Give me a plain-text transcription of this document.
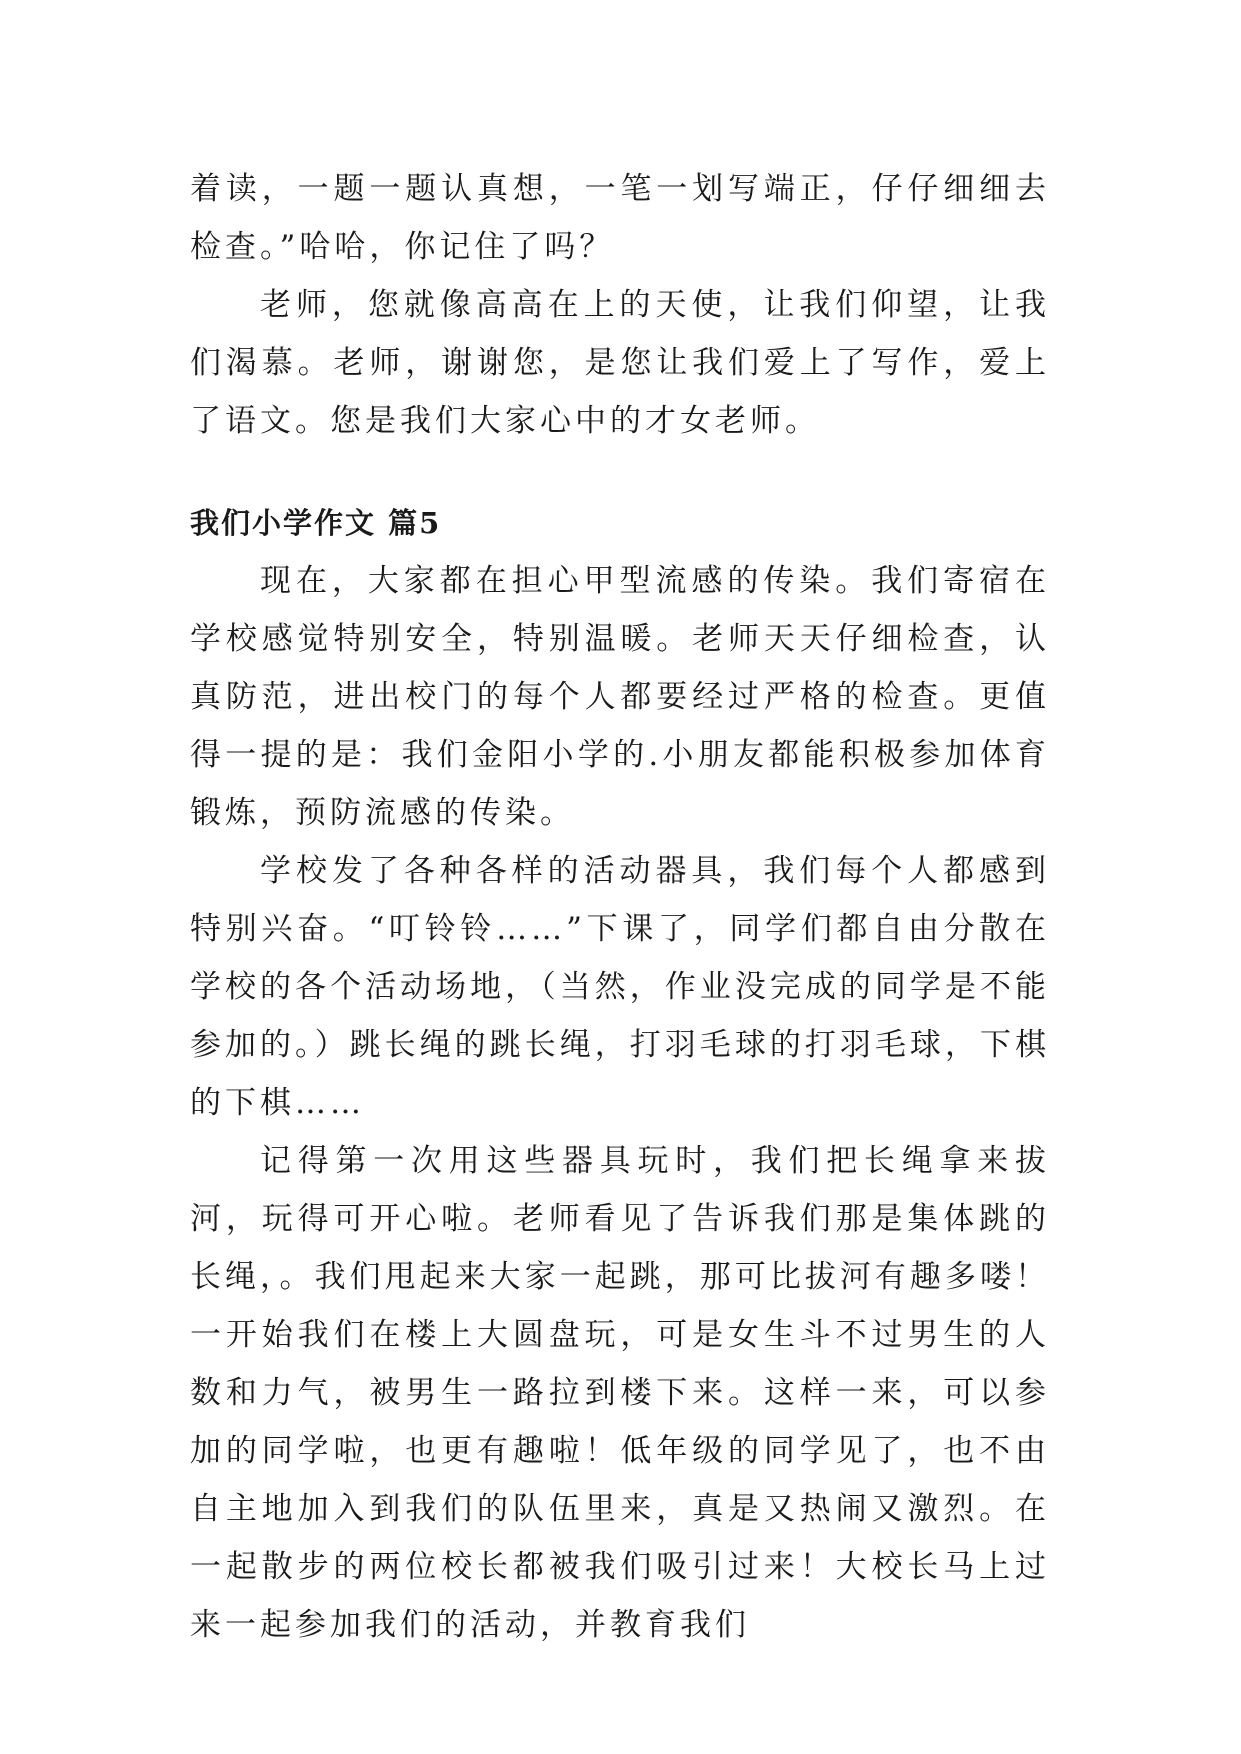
着读，一题一题认真想，一笔一划写端正，仔仔细细去检查。”哈哈，你记住了吗？

老师，您就像高高在上的天使，让我们仰望，让我们渴慕。老师，谢谢您，是您让我们爱上了写作，爱上了语文。您是我们大家心中的才女老师。

我们小学作文 篇5

现在，大家都在担心甲型流感的传染。我们寄宿在学校感觉特别安全，特别温暖。老师天天仔细检查，认真防范，进出校门的每个人都要经过严格的检查。更值得一提的是：我们金阳小学的.小朋友都能积极参加体育锻炼，预防流感的传染。

学校发了各种各样的活动器具，我们每个人都感到特别兴奋。“叮铃铃……”下课了，同学们都自由分散在学校的各个活动场地，（当然，作业没完成的同学是不能参加的。）跳长绳的跳长绳，打羽毛球的打羽毛球，下棋的下棋……

记得第一次用这些器具玩时，我们把长绳拿来拔河，玩得可开心啦。老师看见了告诉我们那是集体跳的长绳，。我们甩起来大家一起跳，那可比拔河有趣多喽！一开始我们在楼上大圆盘玩，可是女生斗不过男生的人数和力气，被男生一路拉到楼下来。这样一来，可以参加的同学啦，也更有趣啦！低年级的同学见了，也不由自主地加入到我们的队伍里来，真是又热闹又激烈。在一起散步的两位校长都被我们吸引过来！大校长马上过来一起参加我们的活动，并教育我们
